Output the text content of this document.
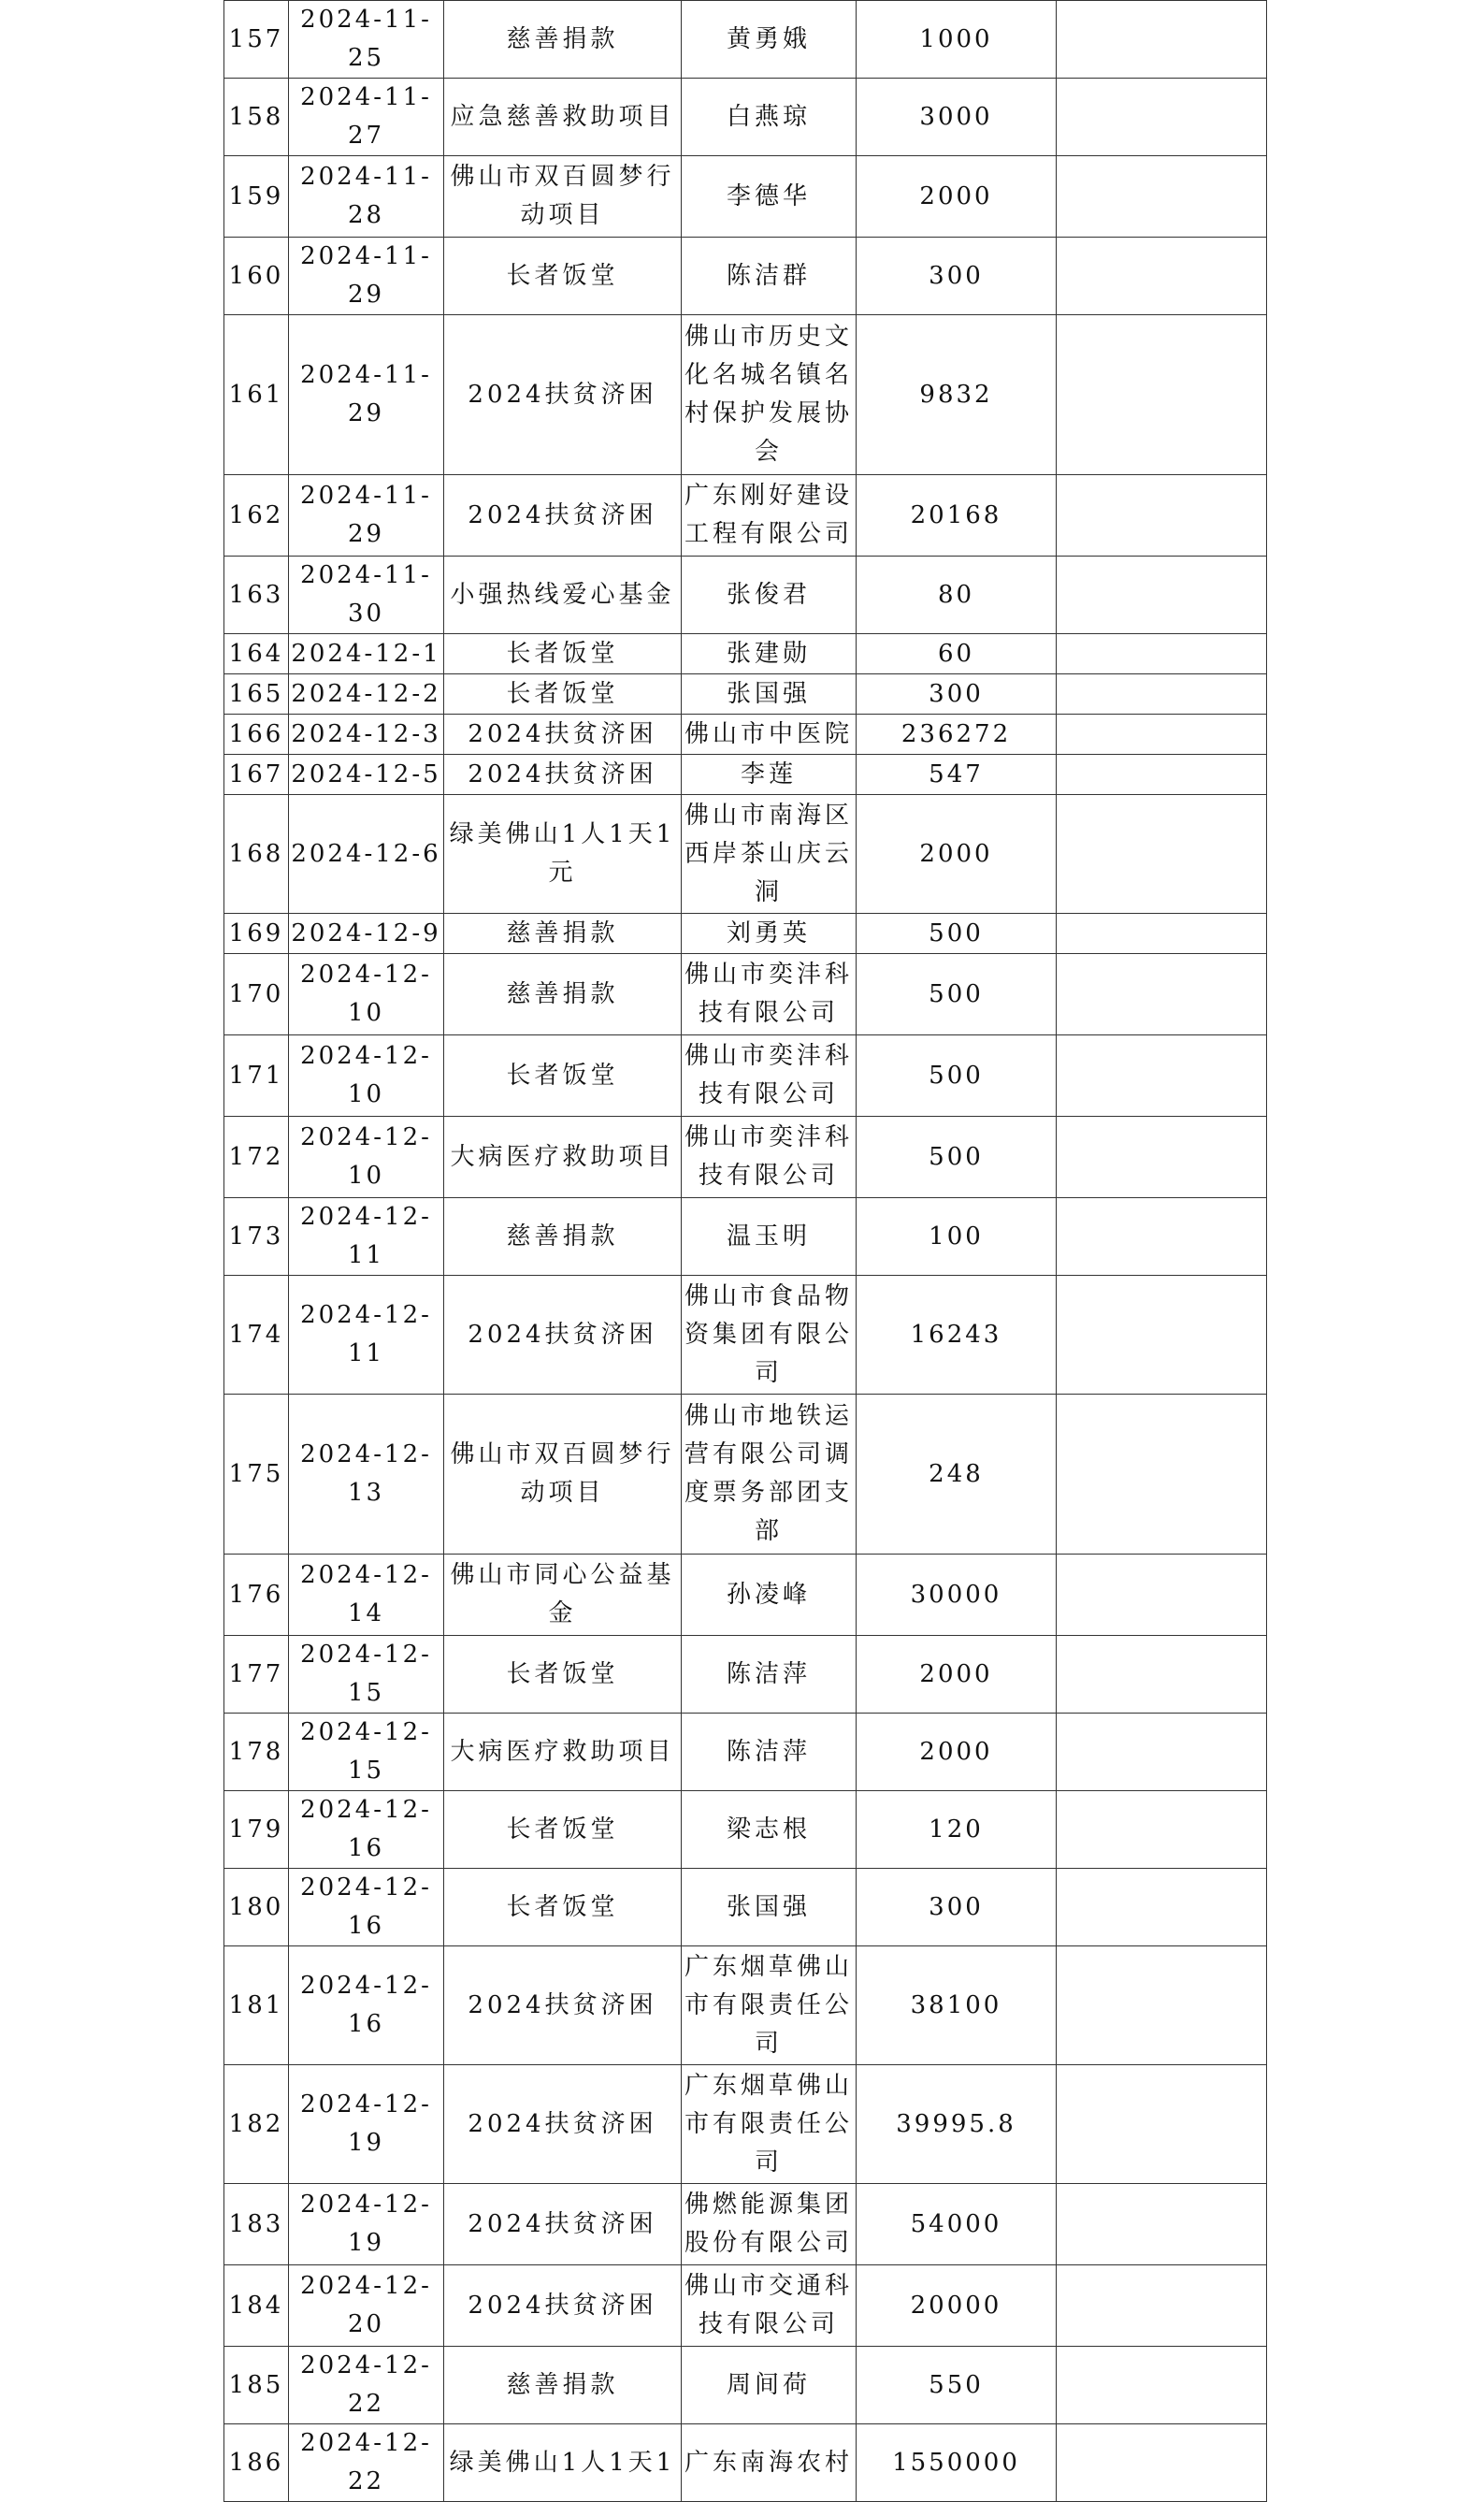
157	2024-11-25	慈善捐款	黄勇娥	1000	
158	2024-11-27	应急慈善救助项目	白燕琼	3000	
159	2024-11-28	佛山市双百圆梦行动项目	李德华	2000	
160	2024-11-29	长者饭堂	陈洁群	300	
161	2024-11-29	2024扶贫济困	佛山市历史文化名城名镇名村保护发展协会	9832	
162	2024-11-29	2024扶贫济困	广东刚好建设工程有限公司	20168	
163	2024-11-30	小强热线爱心基金	张俊君	80	
164	2024-12-1	长者饭堂	张建勋	60	
165	2024-12-2	长者饭堂	张国强	300	
166	2024-12-3	2024扶贫济困	佛山市中医院	236272	
167	2024-12-5	2024扶贫济困	李莲	547	
168	2024-12-6	绿美佛山1人1天1元	佛山市南海区西岸茶山庆云洞	2000	
169	2024-12-9	慈善捐款	刘勇英	500	
170	2024-12-10	慈善捐款	佛山市奕沣科技有限公司	500	
171	2024-12-10	长者饭堂	佛山市奕沣科技有限公司	500	
172	2024-12-10	大病医疗救助项目	佛山市奕沣科技有限公司	500	
173	2024-12-11	慈善捐款	温玉明	100	
174	2024-12-11	2024扶贫济困	佛山市食品物资集团有限公司	16243	
175	2024-12-13	佛山市双百圆梦行动项目	佛山市地铁运营有限公司调度票务部团支部	248	
176	2024-12-14	佛山市同心公益基金	孙凌峰	30000	
177	2024-12-15	长者饭堂	陈洁萍	2000	
178	2024-12-15	大病医疗救助项目	陈洁萍	2000	
179	2024-12-16	长者饭堂	梁志根	120	
180	2024-12-16	长者饭堂	张国强	300	
181	2024-12-16	2024扶贫济困	广东烟草佛山市有限责任公司	38100	
182	2024-12-19	2024扶贫济困	广东烟草佛山市有限责任公司	39995.8	
183	2024-12-19	2024扶贫济困	佛燃能源集团股份有限公司	54000	
184	2024-12-20	2024扶贫济困	佛山市交通科技有限公司	20000	
185	2024-12-22	慈善捐款	周间荷	550	
186	2024-12-22	绿美佛山1人1天1	广东南海农村	1550000	
